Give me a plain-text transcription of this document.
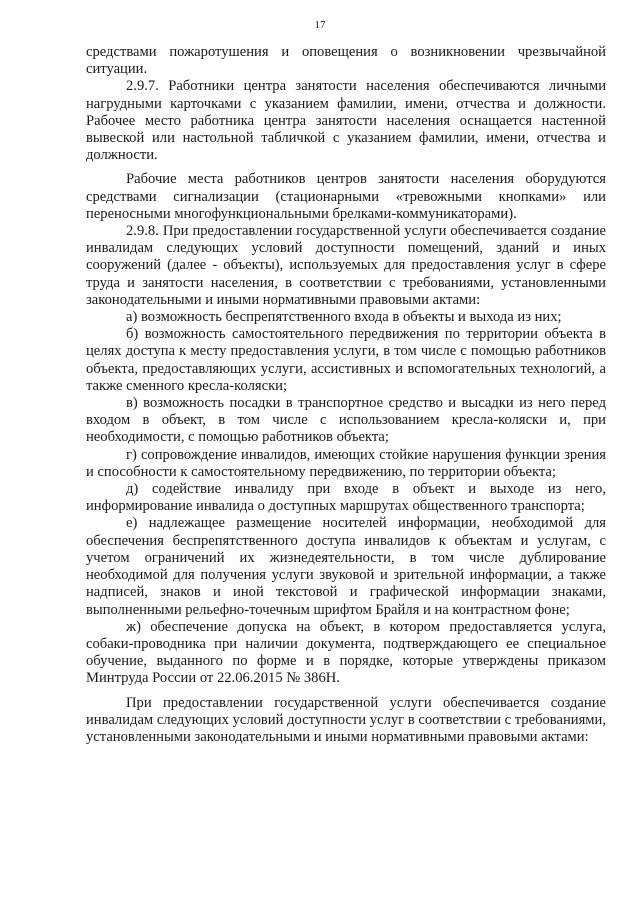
17

средствами пожаротушения и оповещения о возникновении чрезвычайной ситуации.

2.9.7. Работники центра занятости населения обеспечиваются личными нагрудными карточками с указанием фамилии, имени, отчества и должности. Рабочее место работника центра занятости населения оснащается настенной вывеской или настольной табличкой с указанием фамилии, имени, отчества и должности.

Рабочие места работников центров занятости населения оборудуются средствами сигнализации (стационарными «тревожными кнопками» или переносными многофункциональными брелками-коммуникаторами).

2.9.8. При предоставлении государственной услуги обеспечивается создание инвалидам следующих условий доступности помещений, зданий и иных сооружений (далее - объекты), используемых для предоставления услуг в сфере труда и занятости населения, в соответствии с требованиями, установленными законодательными и иными нормативными правовыми актами:

а) возможность беспрепятственного входа в объекты и выхода из них;

б) возможность самостоятельного передвижения по территории объекта в целях доступа к месту предоставления услуги, в том числе с помощью работников объекта, предоставляющих услуги, ассистивных и вспомогательных технологий, а также сменного кресла-коляски;

в) возможность посадки в транспортное средство и высадки из него перед входом в объект, в том числе с использованием кресла-коляски и, при необходимости, с помощью работников объекта;

г) сопровождение инвалидов, имеющих стойкие нарушения функции зрения и способности к самостоятельному передвижению, по территории объекта;

д) содействие инвалиду при входе в объект и выходе из него, информирование инвалида о доступных маршрутах общественного транспорта;

е) надлежащее размещение носителей информации, необходимой для обеспечения беспрепятственного доступа инвалидов к объектам и услугам, с учетом ограничений их жизнедеятельности, в том числе дублирование необходимой для получения услуги звуковой и зрительной информации, а также надписей, знаков и иной текстовой и графической информации знаками, выполненными рельефно-точечным шрифтом Брайля и на контрастном фоне;

ж) обеспечение допуска на объект, в котором предоставляется услуга, собаки-проводника при наличии документа, подтверждающего ее специальное обучение, выданного по форме и в порядке, которые утверждены приказом Минтруда России от 22.06.2015 № 386Н.

При предоставлении государственной услуги обеспечивается создание инвалидам следующих условий доступности услуг в соответствии с требованиями, установленными законодательными и иными нормативными правовыми актами:
